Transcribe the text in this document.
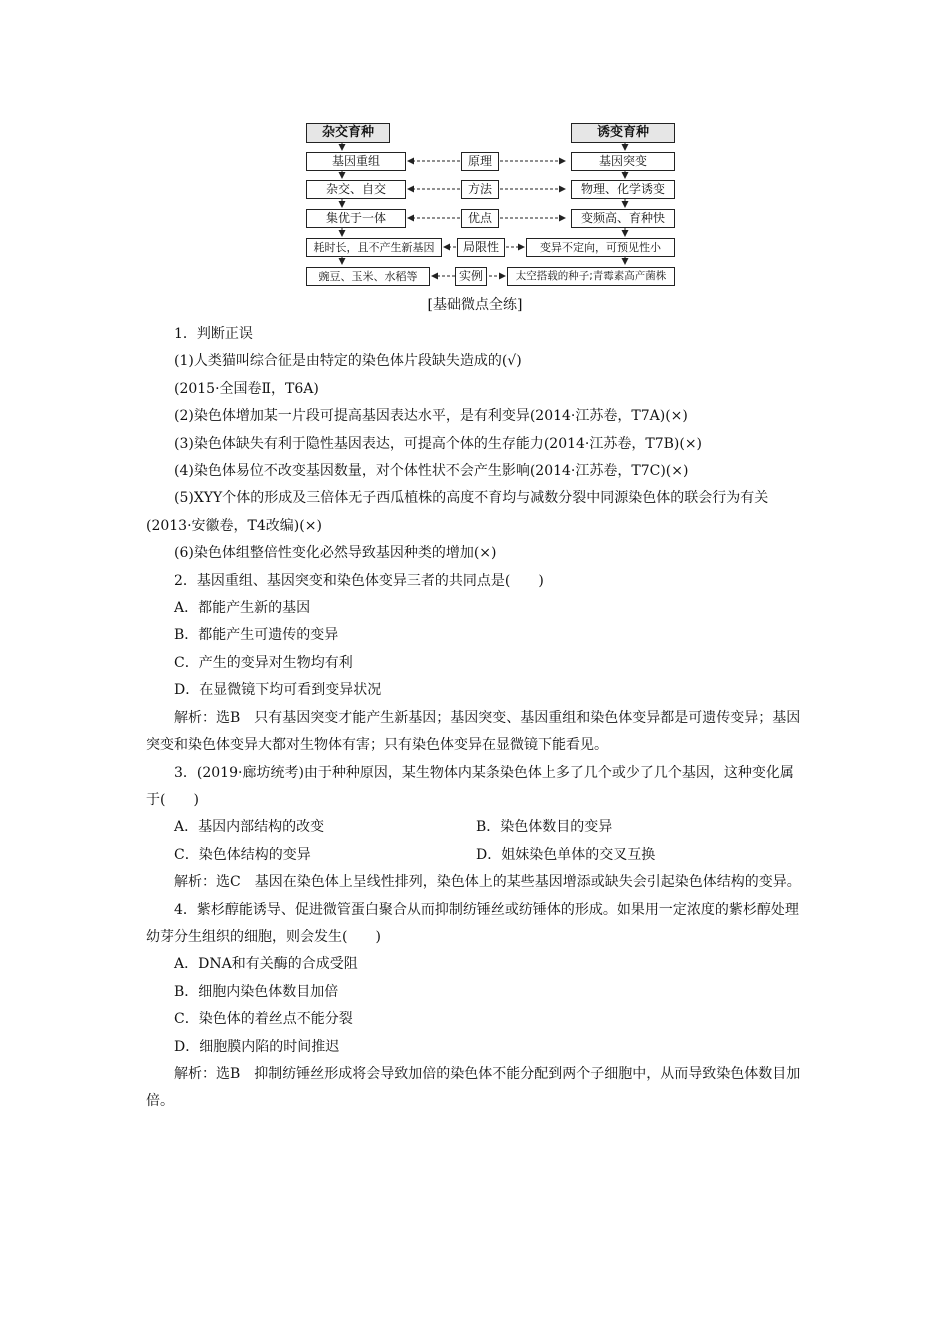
杂交育种	诱变育种
基因重组	原理	基因突变
杂交、自交	方法	物理、化学诱变
集优于一体	优点	变频高、育种快
耗时长，且不产生新基因	局限性	变异不定向，可预见性小
豌豆、玉米、水稻等	实例	太空搭载的种子;青霉素高产菌株
[基础微点全练]

1．判断正误

(1)人类猫叫综合征是由特定的染色体片段缺失造成的(√)

(2015·全国卷Ⅱ，T6A)

(2)染色体增加某一片段可提高基因表达水平，是有利变异(2014·江苏卷，T7A)(×)

(3)染色体缺失有利于隐性基因表达，可提高个体的生存能力(2014·江苏卷，T7B)(×)

(4)染色体易位不改变基因数量，对个体性状不会产生影响(2014·江苏卷，T7C)(×)

(5)XYY个体的形成及三倍体无子西瓜植株的高度不育均与减数分裂中同源染色体的联会行为有关(2013·安徽卷，T4改编)(×)

(6)染色体组整倍性变化必然导致基因种类的增加(×)

2．基因重组、基因突变和染色体变异三者的共同点是(　　)

A．都能产生新的基因

B．都能产生可遗传的变异

C．产生的变异对生物均有利

D．在显微镜下均可看到变异状况

解析：选B　只有基因突变才能产生新基因；基因突变、基因重组和染色体变异都是可遗传变异；基因突变和染色体变异大都对生物体有害；只有染色体变异在显微镜下能看见。

3．(2019·廊坊统考)由于种种原因，某生物体内某条染色体上多了几个或少了几个基因，这种变化属于(　　)

A．基因内部结构的改变	B．染色体数目的变异
C．染色体结构的变异	D．姐妹染色单体的交叉互换

解析：选C　基因在染色体上呈线性排列，染色体上的某些基因增添或缺失会引起染色体结构的变异。

4．紫杉醇能诱导、促进微管蛋白聚合从而抑制纺锤丝或纺锤体的形成。如果用一定浓度的紫杉醇处理幼芽分生组织的细胞，则会发生(　　)

A．DNA和有关酶的合成受阻

B．细胞内染色体数目加倍

C．染色体的着丝点不能分裂

D．细胞膜内陷的时间推迟

解析：选B　抑制纺锤丝形成将会导致加倍的染色体不能分配到两个子细胞中，从而导致染色体数目加倍。
